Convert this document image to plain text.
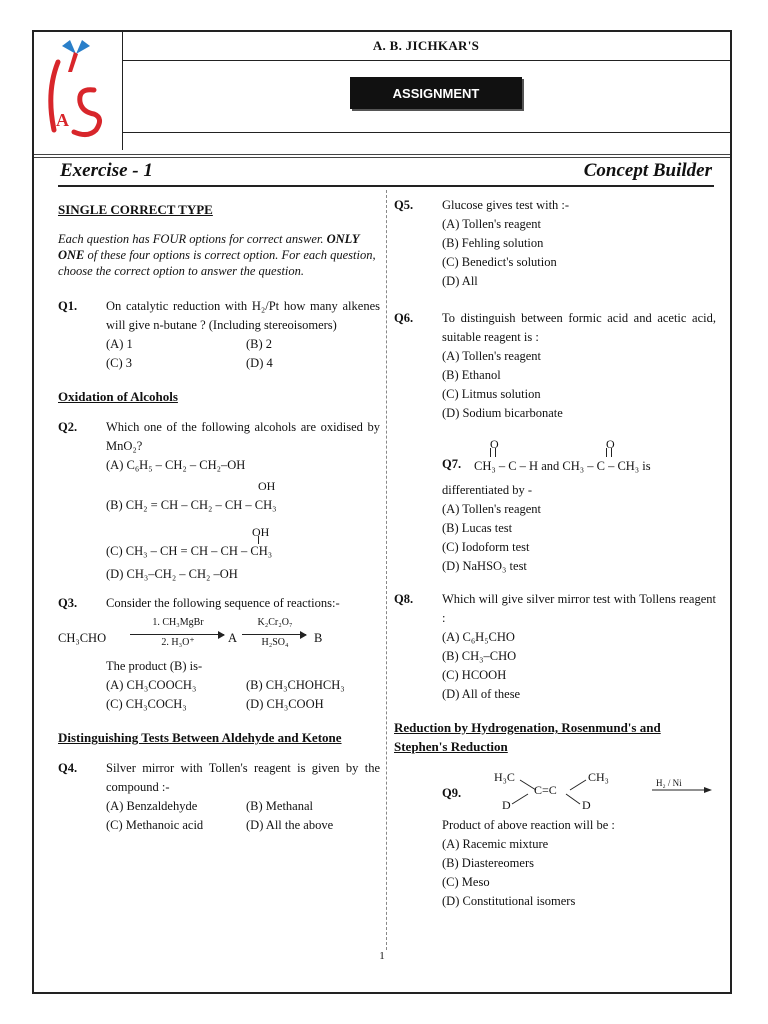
A
A. B. JICHKAR'S
ASSIGNMENT
Exercise - 1	Concept Builder
SINGLE CORRECT TYPE
Each question has FOUR options for correct answer. ONLY ONE of these four options is correct option. For each question, choose the correct option to answer the question.
Q1. On catalytic reduction with H₂/Pt how many alkenes will give n-butane ? (Including stereoisomers)
(A) 1	(B) 2
(C) 3	(D) 4
Oxidation of Alcohols
Q2. Which one of the following alcohols are oxidised by MnO₂?
(A) C₆H₅ – CH₂ – CH₂–OH
OH
(B) CH₂ = CH – CH₂ – CH – CH₃
OH
(C) CH₃ – CH = CH – CH – CH₃
(D) CH₃–CH₂ – CH₂ –OH
Q3. Consider the following sequence of reactions:-
CH₃CHO
1. CH₃MgBr
2. H₃O⁺	A
K₂Cr₂O₇
H₂SO₄	B
The product (B) is-
(A) CH₃COOCH₃	(B) CH₃CHOHCH₃
(C) CH₃COCH₃	(D) CH₃COOH
Distinguishing Tests Between Aldehyde and Ketone
Q4. Silver mirror with Tollen's reagent is given by the compound :-
(A) Benzaldehyde	(B) Methanal
(C) Methanoic acid	(D) All the above
Q5. Glucose gives test with :-
(A) Tollen's reagent
(B) Fehling solution
(C) Benedict's solution
(D) All
Q6. To distinguish between formic acid and acetic acid, suitable reagent is :
(A) Tollen's reagent
(B) Ethanol
(C) Litmus solution
(D) Sodium bicarbonate
Q7.
O	O
CH₃ – C – H and CH₃ – C – CH₃ is
differentiated by -
(A) Tollen's reagent
(B) Lucas test
(C) Iodoform test
(D) NaHSO₃ test
Q8. Which will give silver mirror test with Tollens reagent :
(A) C₆H₅CHO
(B) CH₃–CHO
(C) HCOOH
(D) All of these
Reduction by Hydrogenation, Rosenmund's and Stephen's Reduction
Q9.
H₃C	CH₃
C=C
D	D
H₂ / Ni
Product of above reaction will be :
(A) Racemic mixture
(B) Diastereomers
(C) Meso
(D) Constitutional isomers
1
